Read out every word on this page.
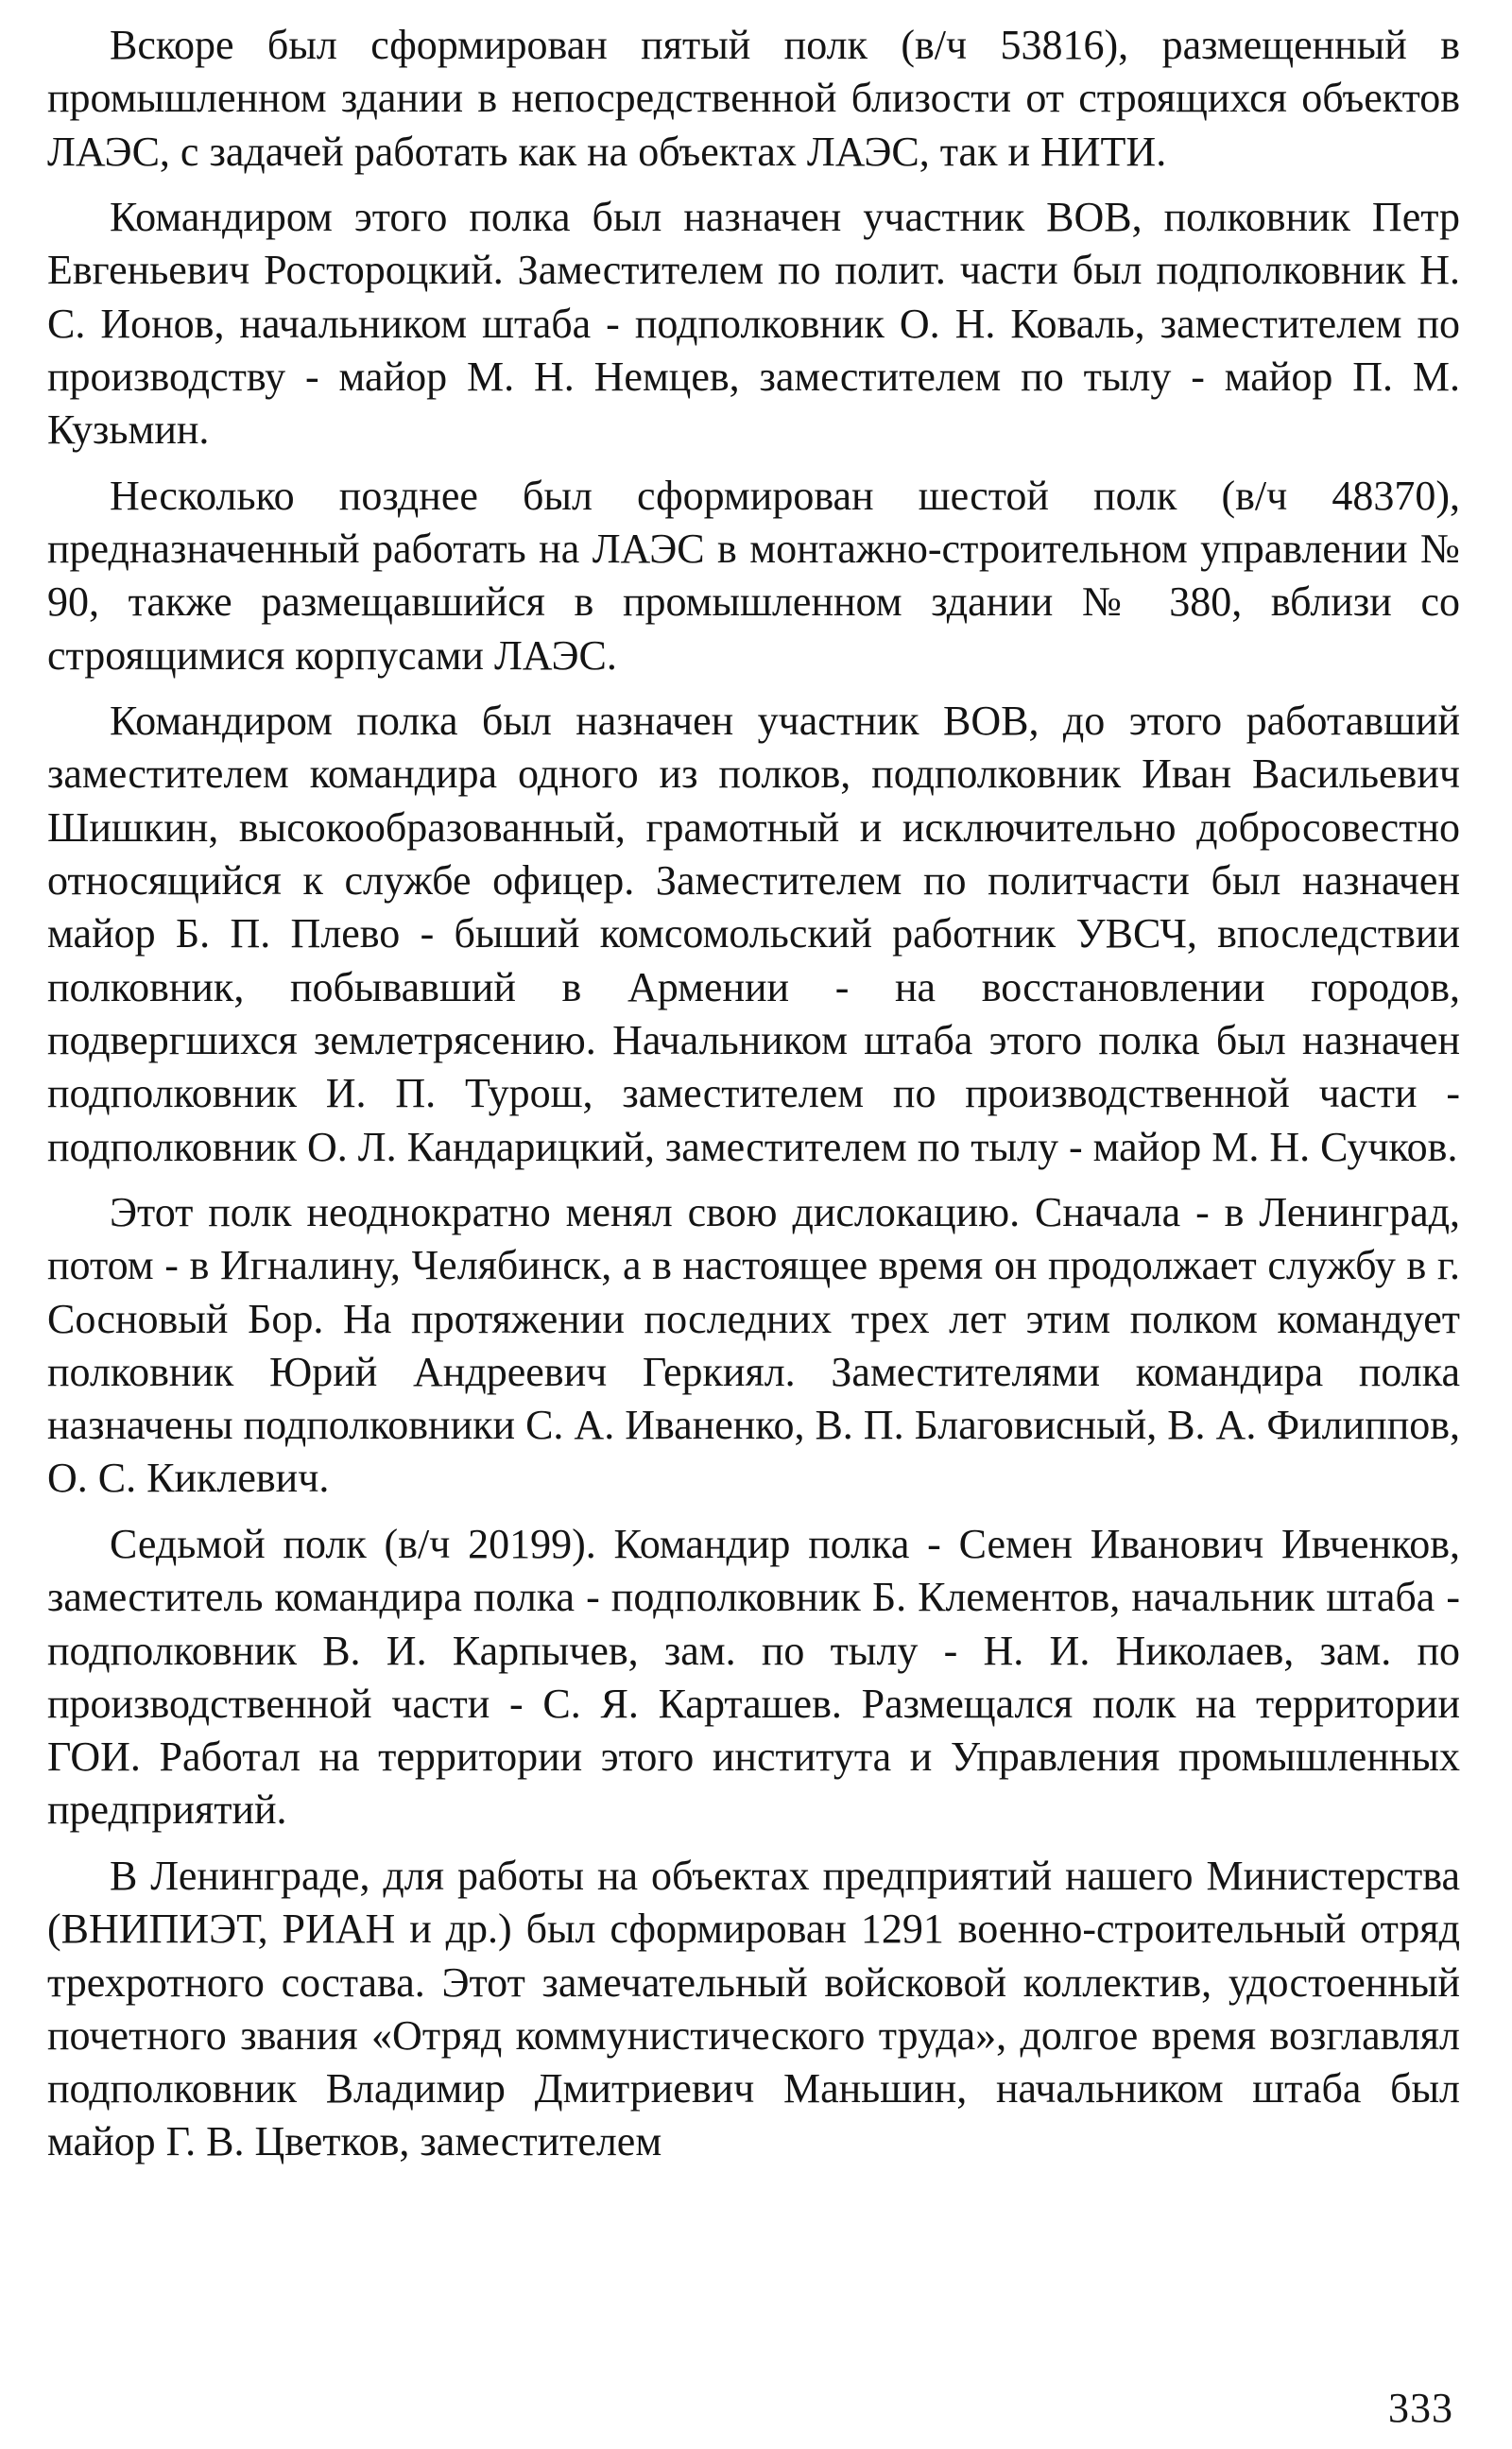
Вскоре был сформирован пятый полк (в/ч 53816), размещенный в промышленном здании в непосредственной близости от строящихся объектов ЛАЭС, с задачей работать как на объектах ЛАЭС, так и НИТИ.

Командиром этого полка был назначен участник ВОВ, полковник Петр Евгеньевич Росторοцкий. Заместителем по полит. части был подполковник Н. С. Ионов, начальником штаба - подполковник О. Н. Коваль, заместителем по производству - майор М. Н. Немцев, заместителем по тылу - майор П. М. Кузьмин.

Несколько позднее был сформирован шестой полк (в/ч 48370), предназначенный работать на ЛАЭС в монтажно-строительном управлении № 90, также размещавшийся в промышленном здании № 380, вблизи со строящимися корпусами ЛАЭС.

Командиром полка был назначен участник ВОВ, до этого работавший заместителем командира одного из полков, подполковник Иван Васильевич Шишкин, высокообразованный, грамотный и исключительно добросовестно относящийся к службе офицер. Заместителем по политчасти был назначен майор Б. П. Плево - быший комсомольский работник УВСЧ, впоследствии полковник, побывавший в Армении - на восстановлении городов, подвергшихся землетрясению. Начальником штаба этого полка был назначен подполковник И. П. Турош, заместителем по производственной части - подполковник О. Л. Кандарицкий, заместителем по тылу - майор М. Н. Сучков.

Этот полк неоднократно менял свою дислокацию. Сначала - в Ленинград, потом - в Игналину, Челябинск, а в настоящее время он продолжает службу в г. Сосновый Бор. На протяжении последних трех лет этим полком командует полковник Юрий Андреевич Геркиял. Заместителями командира полка назначены подполковники С. А. Иваненко, В. П. Благовисный, В. А. Филиппов, О. С. Киклевич.

Седьмой полк (в/ч 20199). Командир полка - Семен Иванович Ивченков, заместитель командира полка - подполковник Б. Клементов, начальник штаба - подполковник В. И. Карпычев, зам. по тылу - Н. И. Николаев, зам. по производственной части - С. Я. Карташев. Размещался полк на территории ГОИ. Работал на территории этого института и Управления промышленных предприятий.

В Ленинграде, для работы на объектах предприятий нашего Министерства (ВНИПИЭТ, РИАН и др.) был сформирован 1291 военно-строительный отряд трехротного состава. Этот замечательный войсковой коллектив, удостоенный почетного звания «Отряд коммунистического труда», долгое время возглавлял подполковник Владимир Дмитриевич Маньшин, начальником штаба был майор Г. В. Цветков, заместителем

333
